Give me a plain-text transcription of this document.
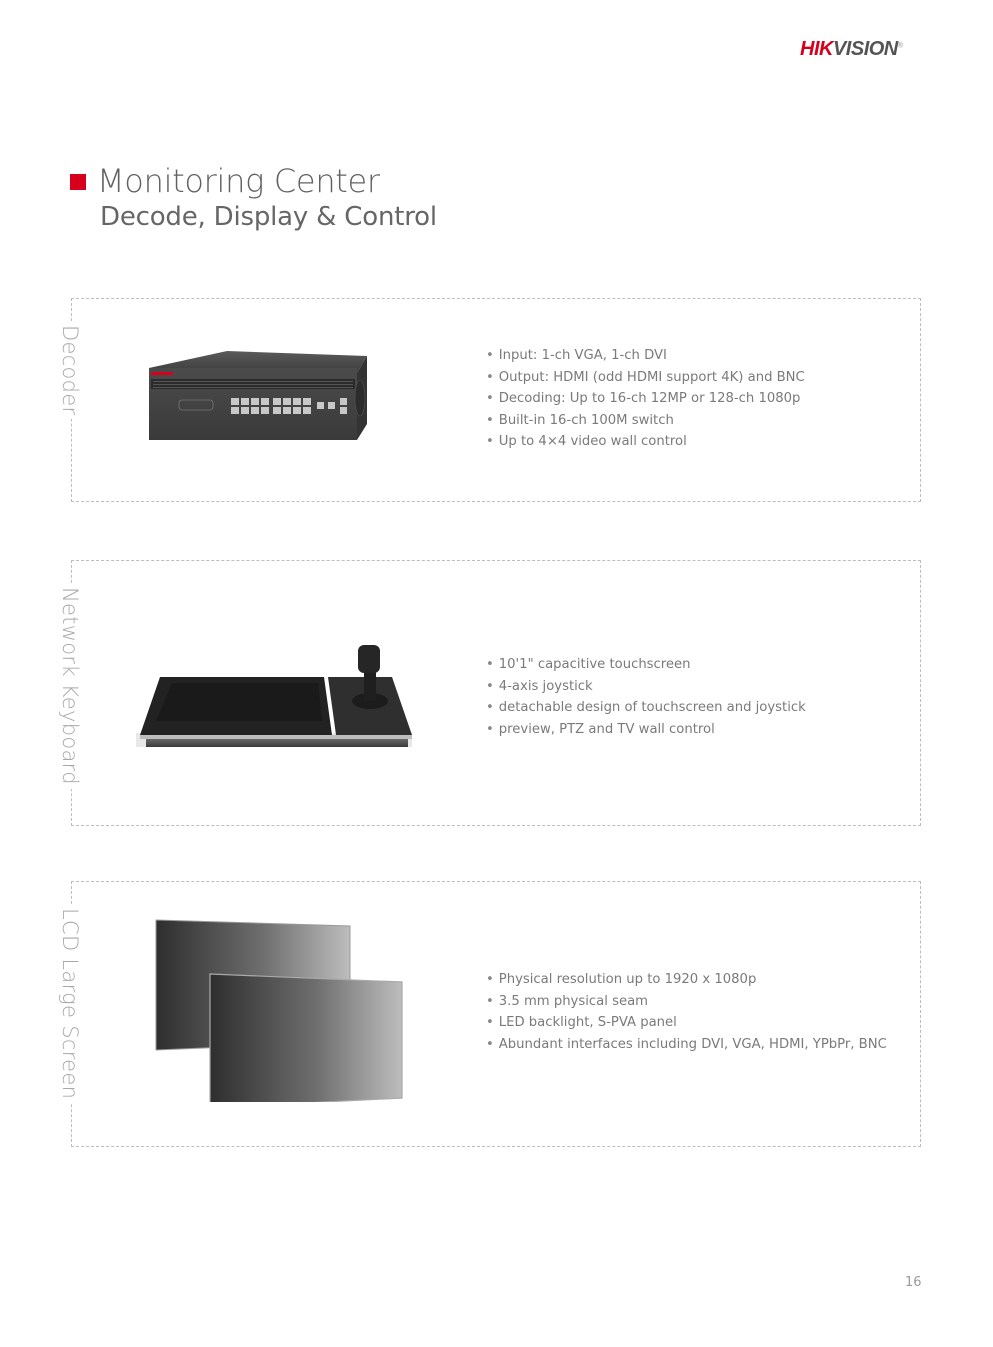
HIKVISION®
Monitoring Center
Decode, Display & Control
Decoder	• Input: 1-ch VGA, 1-ch DVI
• Output: HDMI (odd HDMI support 4K) and BNC
• Decoding: Up to 16-ch 12MP or 128-ch 1080p
• Built-in 16-ch 100M switch
• Up to 4×4 video wall control
Network Keyboard	• 10'1" capacitive touchscreen
• 4-axis joystick
• detachable design of touchscreen and joystick
• preview, PTZ and TV wall control
LCD Large Screen	• Physical resolution up to 1920 x 1080p
• 3.5 mm physical seam
• LED backlight, S-PVA panel
• Abundant interfaces including DVI, VGA, HDMI, YPbPr, BNC
16
